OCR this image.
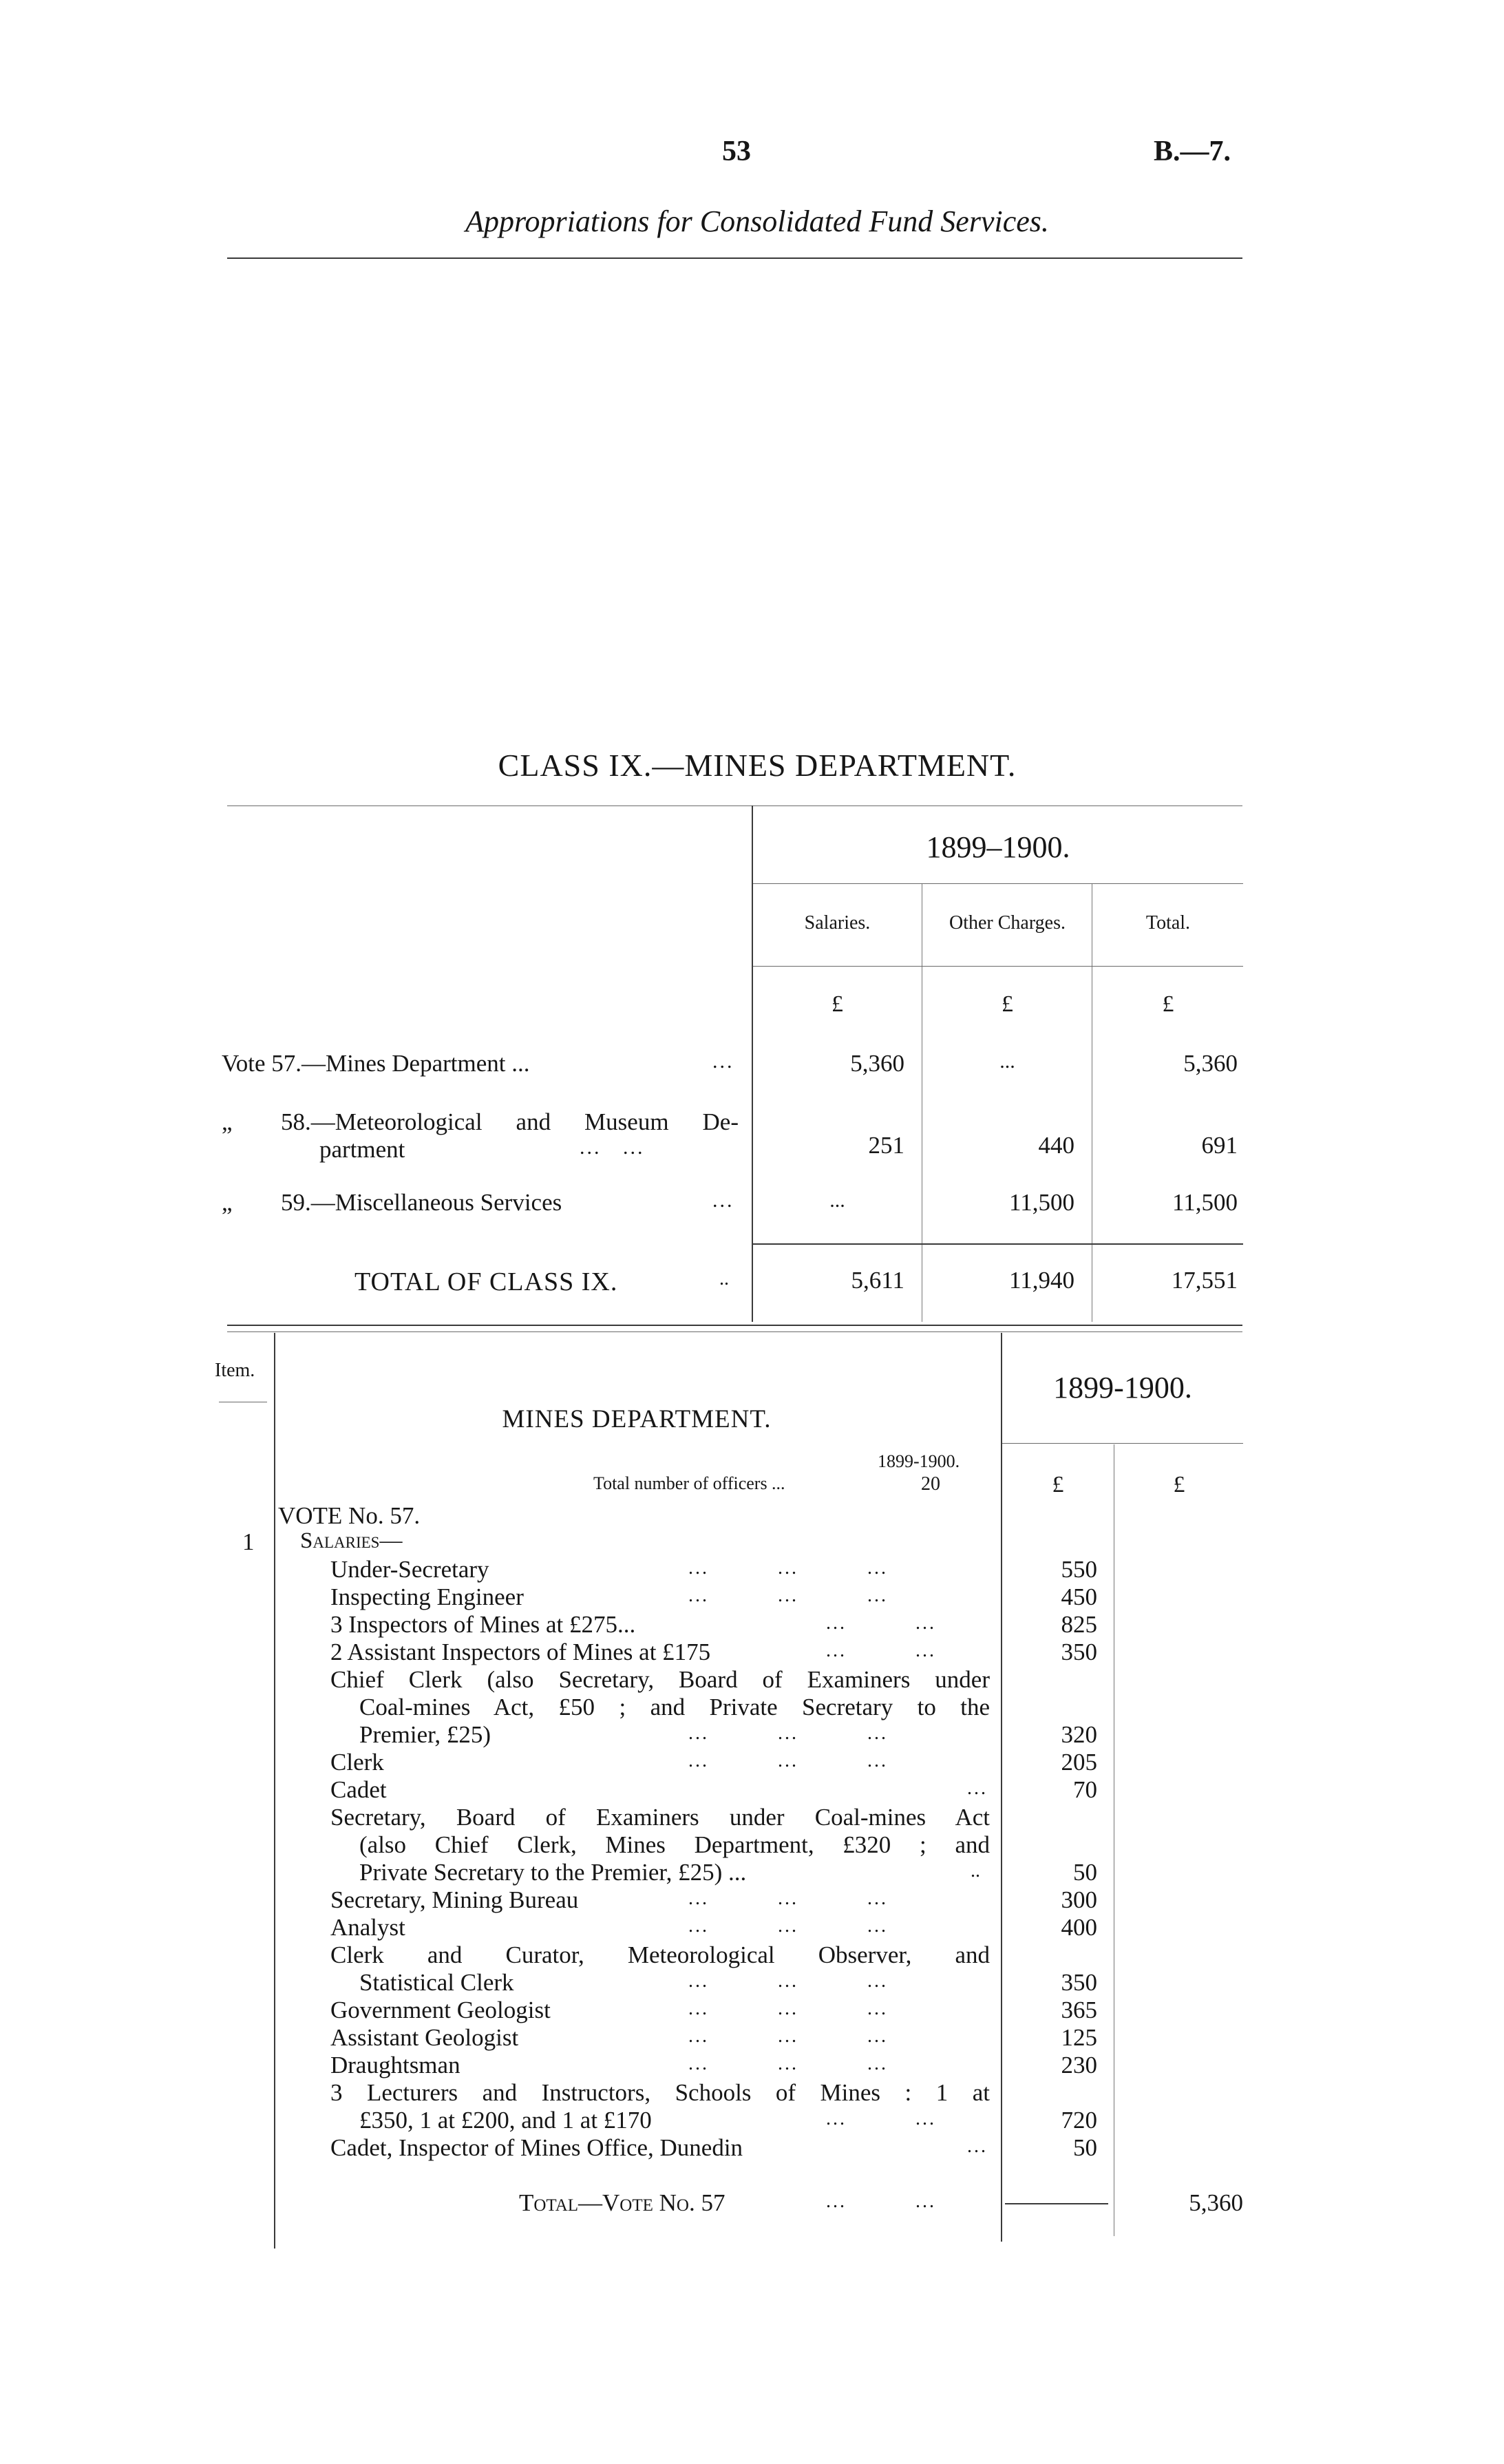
53	B.—7.
Appropriations for Consolidated Fund Services.
CLASS IX.—MINES DEPARTMENT.
1899–1900.
Salaries.	Other Charges.	Total.
£	£	£
Vote 57.—Mines Department ...	...	5,360	...	5,360
„ 58.—Meteorological and Museum De-
partment	...   ...	251	440	691
„ 59.—Miscellaneous Services	...	...	11,500	11,500
TOTAL OF CLASS IX.	..	5,611	11,940	17,551
Item.
MINES DEPARTMENT.
1899-1900.
1899-1900.
Total number of officers ...	20	£	£
VOTE No. 57.
1 Salaries—
Under-Secretary	...          ...          ...	550
Inspecting Engineer	...          ...          ...	450
3 Inspectors of Mines at £275...	...          ...	825
2 Assistant Inspectors of Mines at £175	...          ...	350
Chief Clerk (also Secretary, Board of Examiners under
Coal-mines Act, £50 ; and Private Secretary to the
Premier, £25)	...          ...          ...	320
Clerk	...          ...          ...	205
Cadet	...	70
Secretary, Board of Examiners under Coal-mines Act
(also Chief Clerk, Mines Department, £320 ; and
Private Secretary to the Premier, £25) ...	..	50
Secretary, Mining Bureau	...          ...          ...	300
Analyst	...          ...          ...	400
Clerk and Curator, Meteorological Observer, and
Statistical Clerk	...          ...          ...	350
Government Geologist	...          ...          ...	365
Assistant Geologist	...          ...          ...	125
Draughtsman	...          ...          ...	230
3 Lecturers and Instructors, Schools of Mines : 1 at
£350, 1 at £200, and 1 at £170	...          ...	720
Cadet, Inspector of Mines Office, Dunedin	...	50
Total—Vote No. 57	...          ...	5,360
